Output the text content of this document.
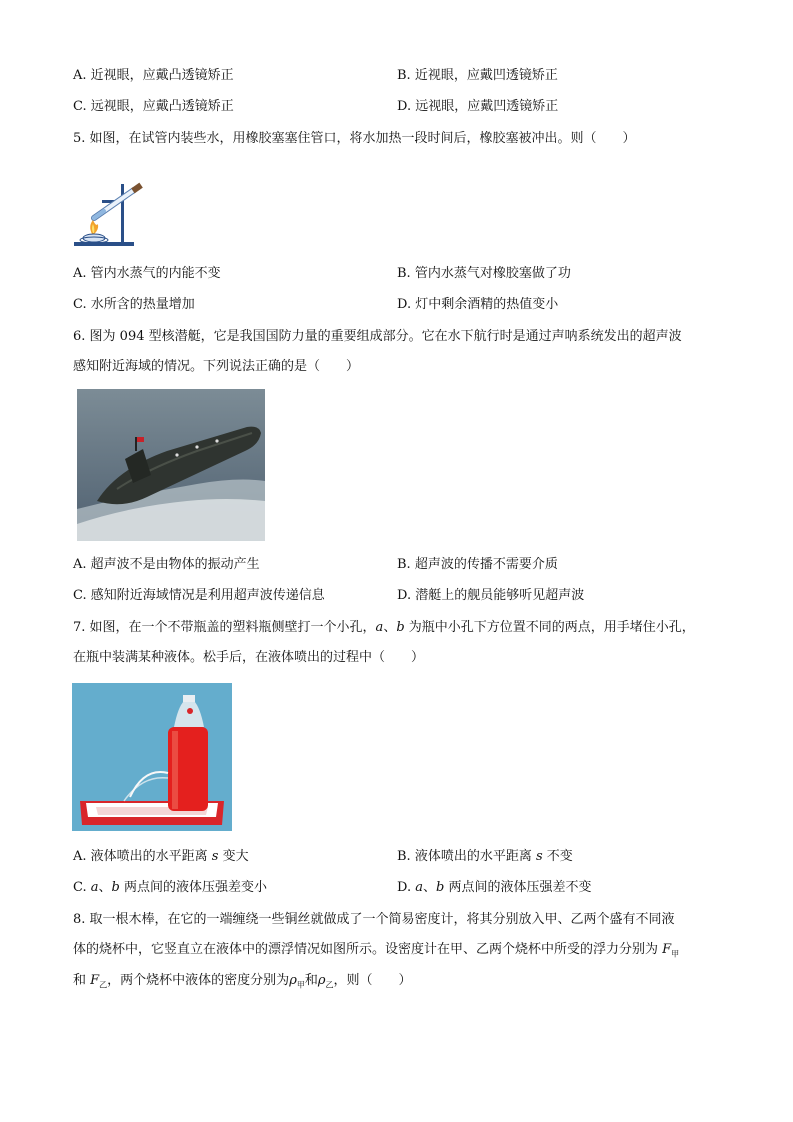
A. 近视眼，应戴凸透镜矫正	B. 近视眼，应戴凹透镜矫正
C. 远视眼，应戴凸透镜矫正	D. 远视眼，应戴凹透镜矫正
5. 如图，在试管内装些水，用橡胶塞塞住管口，将水加热一段时间后，橡胶塞被冲出。则（　　）
A. 管内水蒸气的内能不变	B. 管内水蒸气对橡胶塞做了功
C. 水所含的热量增加	D. 灯中剩余酒精的热值变小
6. 图为 094 型核潜艇，它是我国国防力量的重要组成部分。它在水下航行时是通过声呐系统发出的超声波
感知附近海域的情况。下列说法正确的是（　　）
A. 超声波不是由物体的振动产生	B. 超声波的传播不需要介质
C. 感知附近海域情况是利用超声波传递信息	D. 潜艇上的舰员能够听见超声波
7. 如图，在一个不带瓶盖的塑料瓶侧壁打一个小孔，a、b 为瓶中小孔下方位置不同的两点，用手堵住小孔，
在瓶中装满某种液体。松手后，在液体喷出的过程中（　　）
A. 液体喷出的水平距离 s 变大	B. 液体喷出的水平距离 s 不变
C. a、b 两点间的液体压强差变小	D. a、b 两点间的液体压强差不变
8. 取一根木棒，在它的一端缠绕一些铜丝就做成了一个简易密度计，将其分别放入甲、乙两个盛有不同液
体的烧杯中，它竖直立在液体中的漂浮情况如图所示。设密度计在甲、乙两个烧杯中所受的浮力分别为 $F_甲$
和 $F_乙$，两个烧杯中液体的密度分别为$\rho_甲$和$\rho_乙$，则（　　）
